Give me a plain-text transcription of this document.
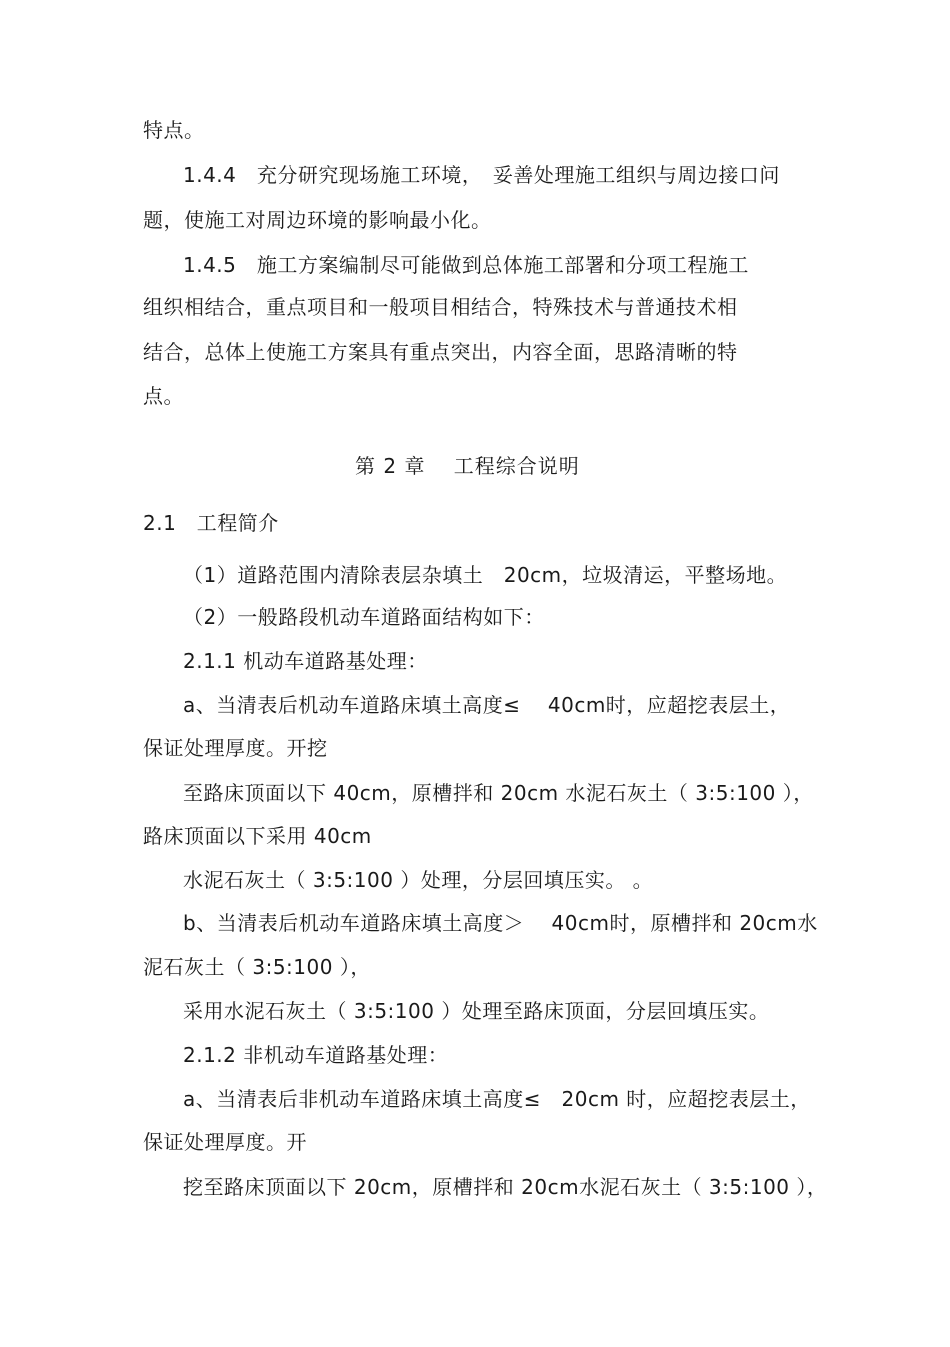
特点。
1.4.4　充分研究现场施工环境，　妥善处理施工组织与周边接口问
题，使施工对周边环境的影响最小化。
1.4.5　施工方案编制尽可能做到总体施工部署和分项工程施工
组织相结合，重点项目和一般项目相结合，特殊技术与普通技术相
结合，总体上使施工方案具有重点突出，内容全面，思路清晰的特
点。
第 2 章　 工程综合说明
2.1　工程简介
（1）道路范围内清除表层杂填土　20cm，垃圾清运，平整场地。
（2）一般路段机动车道路面结构如下：
2.1.1 机动车道路基处理：
a、当清表后机动车道路床填土高度≤　 40cm时，应超挖表层土，
保证处理厚度。开挖
至路床顶面以下 40cm，原槽拌和 20cm 水泥石灰土（ 3:5:100 ），
路床顶面以下采用 40cm
水泥石灰土（ 3:5:100 ）处理，分层回填压实。 。
b、当清表后机动车道路床填土高度＞　 40cm时，原槽拌和 20cm水
泥石灰土（ 3:5:100 ），
采用水泥石灰土（ 3:5:100 ）处理至路床顶面，分层回填压实。
2.1.2 非机动车道路基处理：
a、当清表后非机动车道路床填土高度≤　20cm 时，应超挖表层土，
保证处理厚度。开
挖至路床顶面以下 20cm，原槽拌和 20cm水泥石灰土（ 3:5:100 ），
